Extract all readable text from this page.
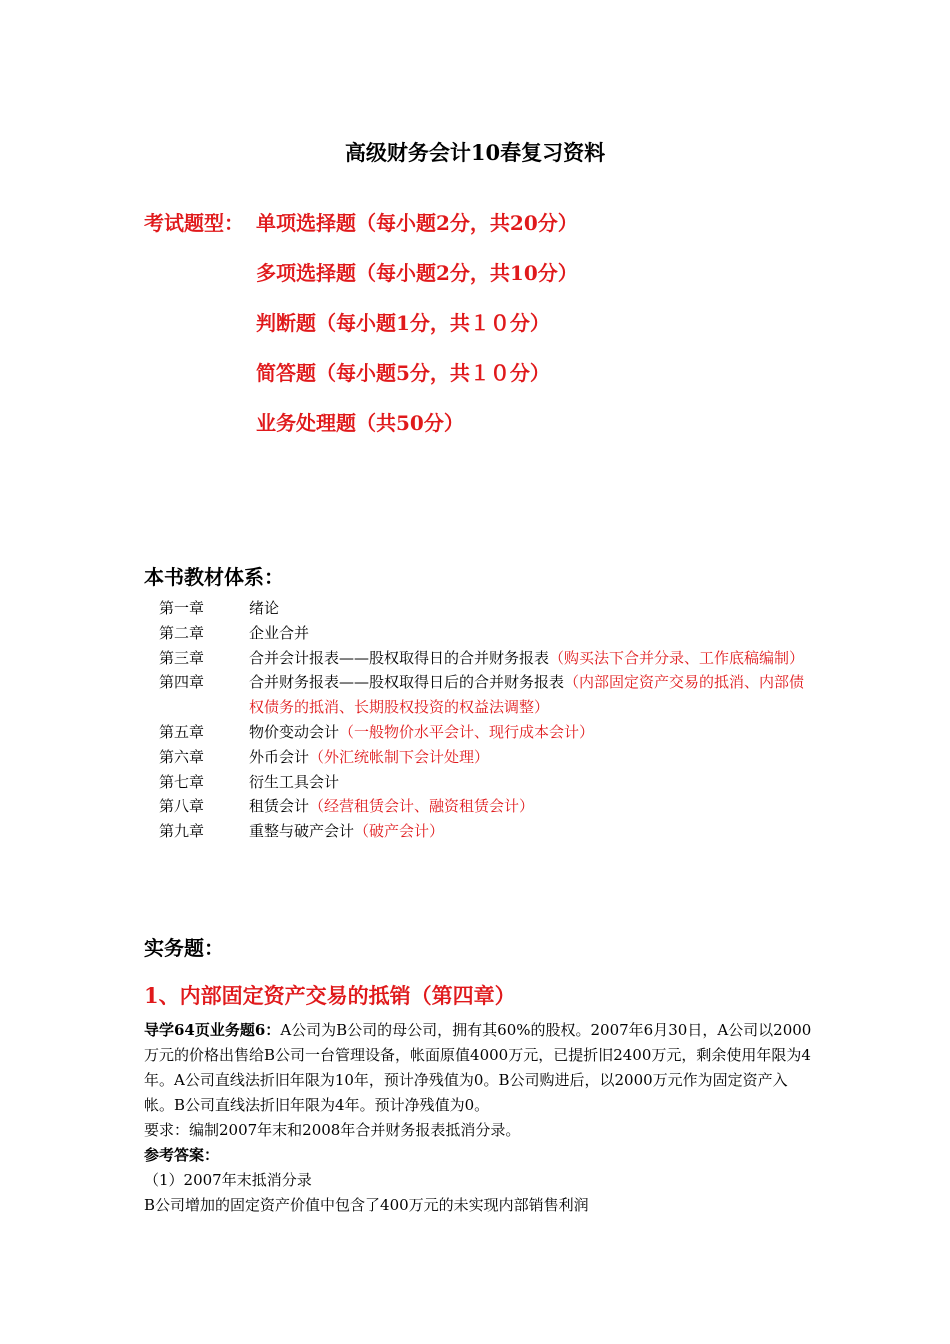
高级财务会计10春复习资料
考试题型： 单项选择题（每小题2分，共20分）
多项选择题（每小题2分，共10分）
判断题（每小题1分，共１０分）
简答题（每小题5分，共１０分）
业务处理题（共50分）
本书教材体系：
第一章	绪论
第二章	企业合并
第三章	合并会计报表——股权取得日的合并财务报表（购买法下合并分录、工作底稿编制）
第四章	合并财务报表——股权取得日后的合并财务报表（内部固定资产交易的抵消、内部债权债务的抵消、长期股权投资的权益法调整）
第五章	物价变动会计（一般物价水平会计、现行成本会计）
第六章	外币会计（外汇统帐制下会计处理）
第七章	衍生工具会计
第八章	租赁会计（经营租赁会计、融资租赁会计）
第九章	重整与破产会计（破产会计）
实务题：
1、内部固定资产交易的抵销（第四章）

导学64页业务题6：A公司为B公司的母公司，拥有其60%的股权。2007年6月30日，A公司以2000万元的价格出售给B公司一台管理设备，帐面原值4000万元，已提折旧2400万元，剩余使用年限为4年。A公司直线法折旧年限为10年，预计净残值为0。B公司购进后，以2000万元作为固定资产入帐。B公司直线法折旧年限为4年。预计净残值为0。

要求：编制2007年末和2008年合并财务报表抵消分录。

参考答案：

（1）2007年末抵消分录

B公司增加的固定资产价值中包含了400万元的未实现内部销售利润
